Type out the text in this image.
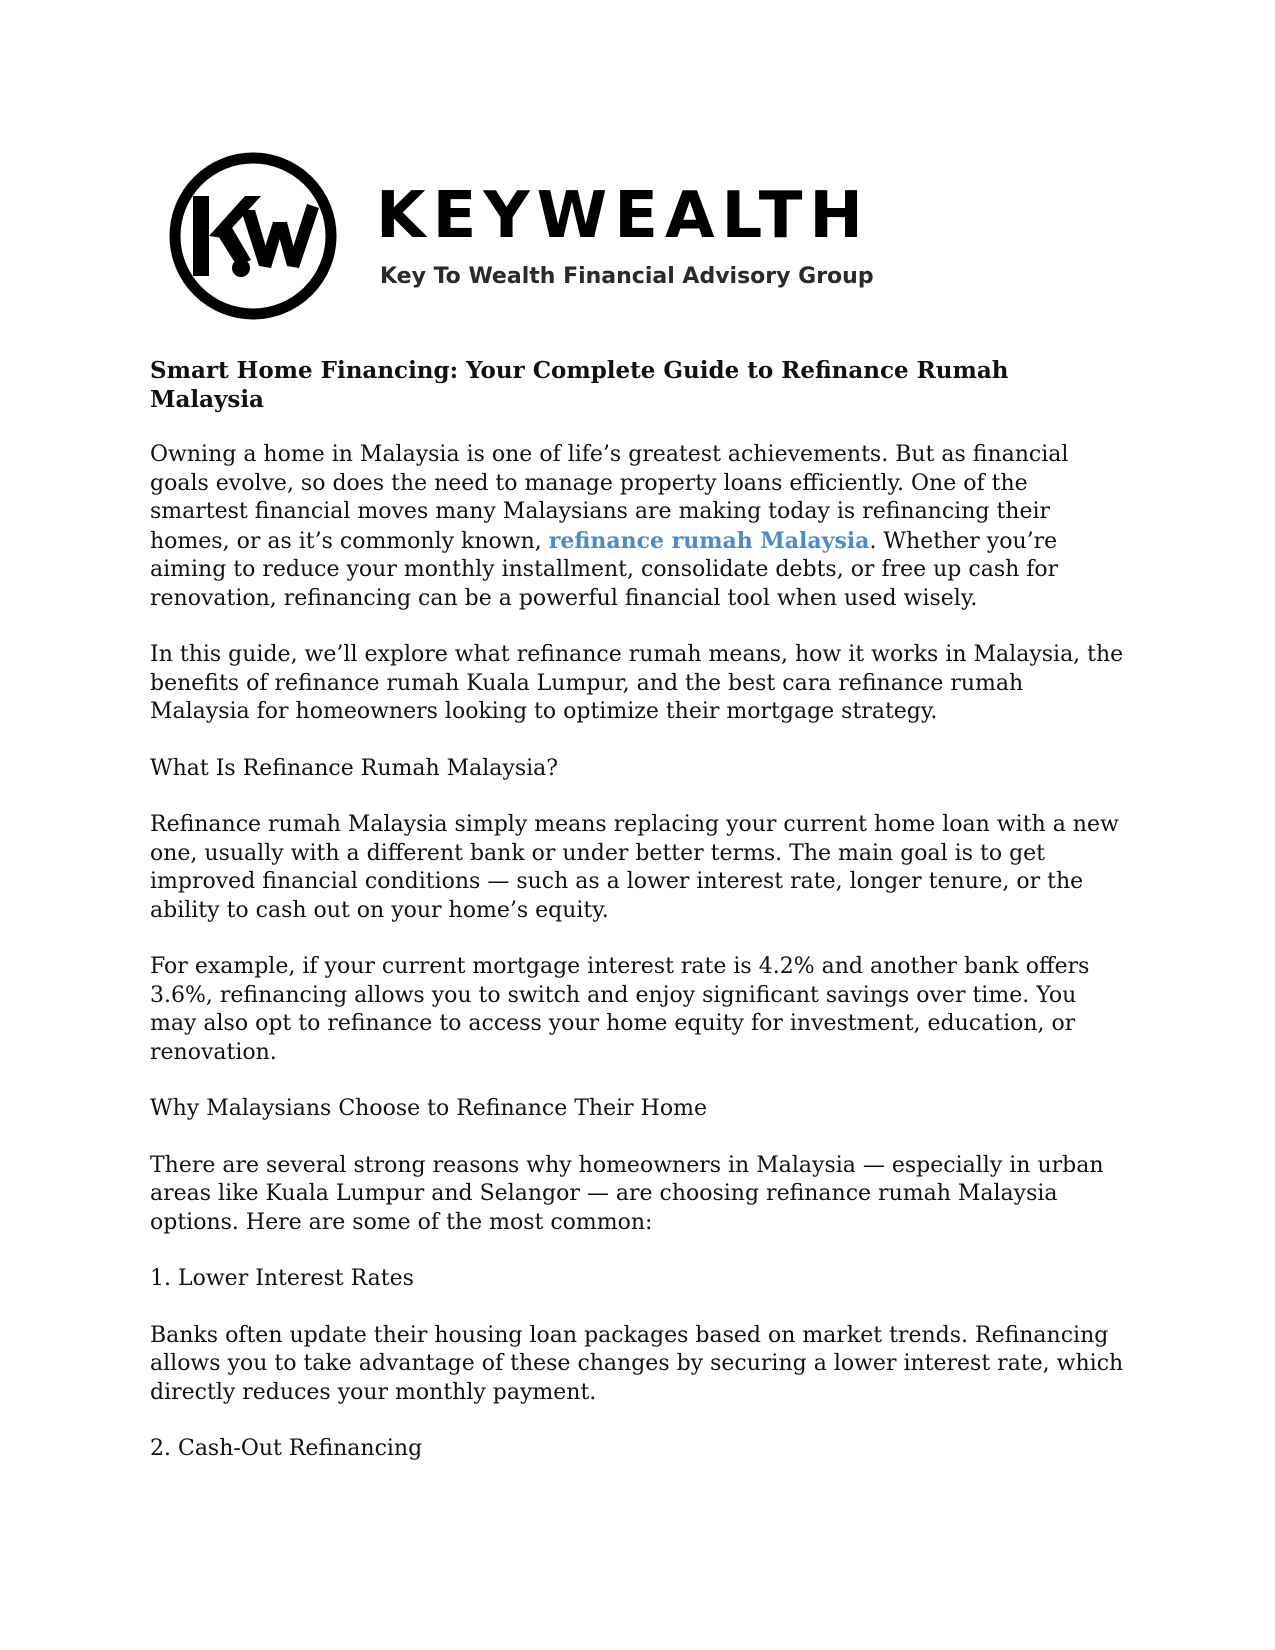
KEYWEALTH
Key To Wealth Financial Advisory Group
Smart Home Financing: Your Complete Guide to Refinance Rumah Malaysia

Owning a home in Malaysia is one of life’s greatest achievements. But as financial goals evolve, so does the need to manage property loans efficiently. One of the smartest financial moves many Malaysians are making today is refinancing their homes, or as it’s commonly known, refinance rumah Malaysia. Whether you’re aiming to reduce your monthly installment, consolidate debts, or free up cash for renovation, refinancing can be a powerful financial tool when used wisely.

In this guide, we’ll explore what refinance rumah means, how it works in Malaysia, the benefits of refinance rumah Kuala Lumpur, and the best cara refinance rumah Malaysia for homeowners looking to optimize their mortgage strategy.

What Is Refinance Rumah Malaysia?

Refinance rumah Malaysia simply means replacing your current home loan with a new one, usually with a different bank or under better terms. The main goal is to get improved financial conditions — such as a lower interest rate, longer tenure, or the ability to cash out on your home’s equity.

For example, if your current mortgage interest rate is 4.2% and another bank offers 3.6%, refinancing allows you to switch and enjoy significant savings over time. You may also opt to refinance to access your home equity for investment, education, or renovation.

Why Malaysians Choose to Refinance Their Home

There are several strong reasons why homeowners in Malaysia — especially in urban areas like Kuala Lumpur and Selangor — are choosing refinance rumah Malaysia options. Here are some of the most common:

1. Lower Interest Rates

Banks often update their housing loan packages based on market trends. Refinancing allows you to take advantage of these changes by securing a lower interest rate, which directly reduces your monthly payment.

2. Cash-Out Refinancing
